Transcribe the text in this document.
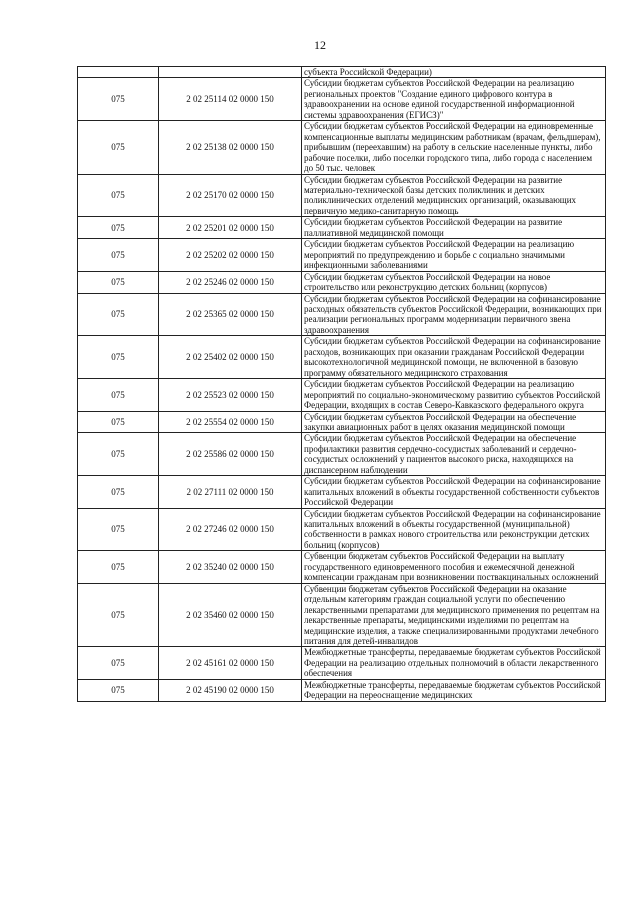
12
		субъекта Российской Федерации)
075	2 02 25114 02 0000 150	Субсидии бюджетам субъектов Российской Федерации на реализацию региональных проектов "Создание единого цифрового контура в здравоохранении на основе единой государственной информационной системы здравоохранения (ЕГИСЗ)"
075	2 02 25138 02 0000 150	Субсидии бюджетам субъектов Российской Федерации на единовременные компенсационные выплаты медицинским работникам (врачам, фельдшерам), прибывшим (переехавшим) на работу в сельские населенные пункты, либо рабочие поселки, либо поселки городского типа, либо города с населением до 50 тыс. человек
075	2 02 25170 02 0000 150	Субсидии бюджетам субъектов Российской Федерации на развитие материально-технической базы детских поликлиник и детских поликлинических отделений медицинских организаций, оказывающих первичную медико-санитарную помощь
075	2 02 25201 02 0000 150	Субсидии бюджетам субъектов Российской Федерации на развитие паллиативной медицинской помощи
075	2 02 25202 02 0000 150	Субсидии бюджетам субъектов Российской Федерации на реализацию мероприятий по предупреждению и борьбе с социально значимыми инфекционными заболеваниями
075	2 02 25246 02 0000 150	Субсидии бюджетам субъектов Российской Федерации на новое строительство или реконструкцию детских больниц (корпусов)
075	2 02 25365 02 0000 150	Субсидии бюджетам субъектов Российской Федерации на софинансирование расходных обязательств субъектов Российской Федерации, возникающих при реализации региональных программ модернизации первичного звена здравоохранения
075	2 02 25402 02 0000 150	Субсидии бюджетам субъектов Российской Федерации на софинансирование расходов, возникающих при оказании гражданам Российской Федерации высокотехнологичной медицинской помощи, не включенной в базовую программу обязательного медицинского страхования
075	2 02 25523 02 0000 150	Субсидии бюджетам субъектов Российской Федерации на реализацию мероприятий по социально-экономическому развитию субъектов Российской Федерации, входящих в состав Северо-Кавказского федерального округа
075	2 02 25554 02 0000 150	Субсидии бюджетам субъектов Российской Федерации на обеспечение закупки авиационных работ в целях оказания медицинской помощи
075	2 02 25586 02 0000 150	Субсидии бюджетам субъектов Российской Федерации на обеспечение профилактики развития сердечно-сосудистых заболеваний и сердечно-сосудистых осложнений у пациентов высокого риска, находящихся на диспансерном наблюдении
075	2 02 27111 02 0000 150	Субсидии бюджетам субъектов Российской Федерации на софинансирование капитальных вложений в объекты государственной собственности субъектов Российской Федерации
075	2 02 27246 02 0000 150	Субсидии бюджетам субъектов Российской Федерации на софинансирование капитальных вложений в объекты государственной (муниципальной) собственности в рамках нового строительства или реконструкции детских больниц (корпусов)
075	2 02 35240 02 0000 150	Субвенции бюджетам субъектов Российской Федерации на выплату государственного единовременного пособия и ежемесячной денежной компенсации гражданам при возникновении поствакцинальных осложнений
075	2 02 35460 02 0000 150	Субвенции бюджетам субъектов Российской Федерации на оказание отдельным категориям граждан социальной услуги по обеспечению лекарственными препаратами для медицинского применения по рецептам на лекарственные препараты, медицинскими изделиями по рецептам на медицинские изделия, а также специализированными продуктами лечебного питания для детей-инвалидов
075	2 02 45161 02 0000 150	Межбюджетные трансферты, передаваемые бюджетам субъектов Российской Федерации на реализацию отдельных полномочий в области лекарственного обеспечения
075	2 02 45190 02 0000 150	Межбюджетные трансферты, передаваемые бюджетам субъектов Российской Федерации на переоснащение медицинских
